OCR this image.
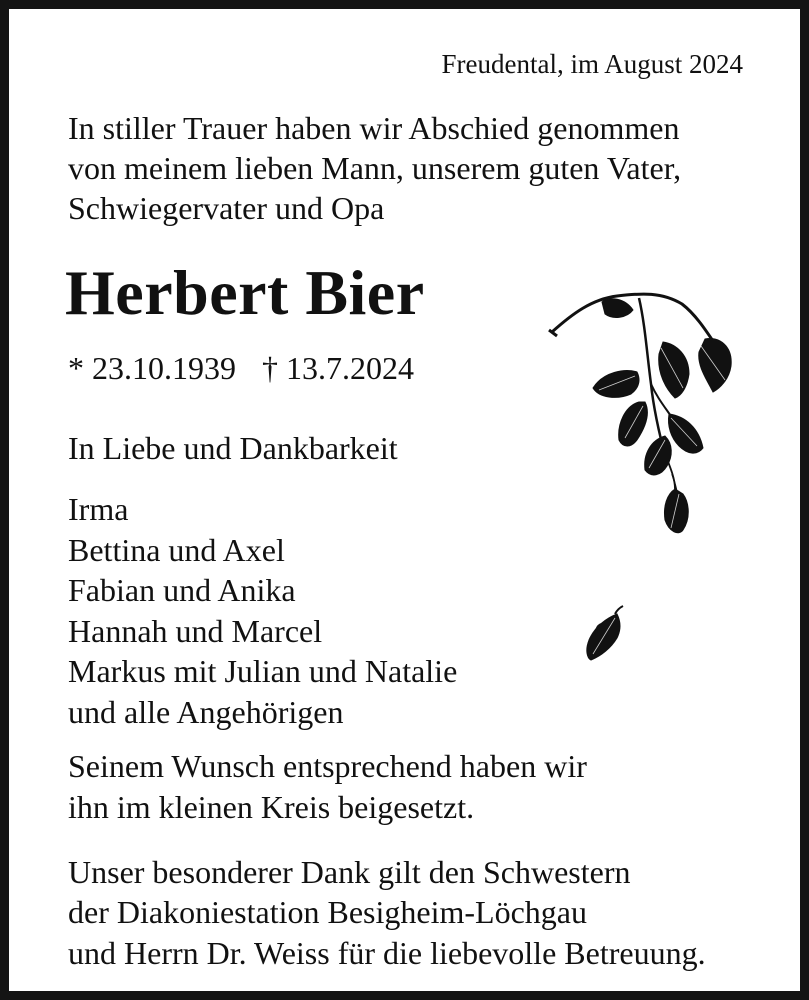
Freudental, im August 2024

In stiller Trauer haben wir Abschied genommen

von meinem lieben Mann, unserem guten Vater,

Schwiegervater und Opa

Herbert Bier

* 23.10.1939 † 13.7.2024

In Liebe und Dankbarkeit

Irma

Bettina und Axel

Fabian und Anika

Hannah und Marcel

Markus mit Julian und Natalie

und alle Angehörigen

Seinem Wunsch entsprechend haben wir

ihn im kleinen Kreis beigesetzt.

Unser besonderer Dank gilt den Schwestern

der Diakoniestation Besigheim-Löchgau

und Herrn Dr. Weiss für die liebevolle Betreuung.
